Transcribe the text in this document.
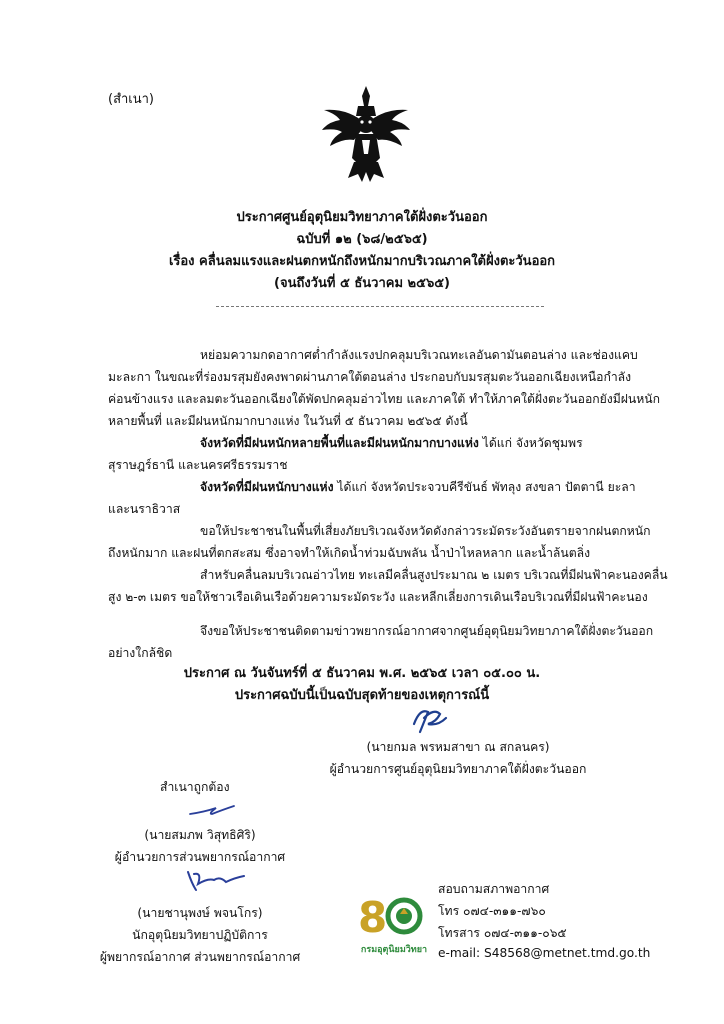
(สำเนา)
ประกาศศูนย์อุตุนิยมวิทยาภาคใต้ฝั่งตะวันออก
ฉบับที่ ๑๒ (๖๘/๒๕๖๕)
เรื่อง คลื่นลมแรงและฝนตกหนักถึงหนักมากบริเวณภาคใต้ฝั่งตะวันออก
(จนถึงวันที่ ๕ ธันวาคม ๒๕๖๕)
หย่อมความกดอากาศต่ำกำลังแรงปกคลุมบริเวณทะเลอันดามันตอนล่าง และช่องแคบ
มะละกา ในขณะที่ร่องมรสุมยังคงพาดผ่านภาคใต้ตอนล่าง ประกอบกับมรสุมตะวันออกเฉียงเหนือกำลัง
ค่อนข้างแรง และลมตะวันออกเฉียงใต้พัดปกคลุมอ่าวไทย และภาคใต้ ทำให้ภาคใต้ฝั่งตะวันออกยังมีฝนหนัก
หลายพื้นที่ และมีฝนหนักมากบางแห่ง ในวันที่ ๕ ธันวาคม ๒๕๖๕ ดังนี้
จังหวัดที่มีฝนหนักหลายพื้นที่และมีฝนหนักมากบางแห่ง ได้แก่ จังหวัดชุมพร
สุราษฎร์ธานี และนครศรีธรรมราช
จังหวัดที่มีฝนหนักบางแห่ง ได้แก่ จังหวัดประจวบคีรีขันธ์ พัทลุง สงขลา ปัตตานี ยะลา
และนราธิวาส
ขอให้ประชาชนในพื้นที่เสี่ยงภัยบริเวณจังหวัดดังกล่าวระมัดระวังอันตรายจากฝนตกหนัก
ถึงหนักมาก และฝนที่ตกสะสม ซึ่งอาจทำให้เกิดน้ำท่วมฉับพลัน น้ำป่าไหลหลาก และน้ำล้นตลิ่ง
สำหรับคลื่นลมบริเวณอ่าวไทย ทะเลมีคลื่นสูงประมาณ ๒ เมตร บริเวณที่มีฝนฟ้าคะนองคลื่น
สูง ๒-๓ เมตร ขอให้ชาวเรือเดินเรือด้วยความระมัดระวัง และหลีกเลี่ยงการเดินเรือบริเวณที่มีฝนฟ้าคะนอง
จึงขอให้ประชาชนติดตามข่าวพยากรณ์อากาศจากศูนย์อุตุนิยมวิทยาภาคใต้ฝั่งตะวันออก
อย่างใกล้ชิด
ประกาศ ณ วันจันทร์ที่ ๕ ธันวาคม พ.ศ. ๒๕๖๕ เวลา ๐๕.๐๐ น.
ประกาศฉบับนี้เป็นฉบับสุดท้ายของเหตุการณ์นี้
(นายกมล พรหมสาขา ณ สกลนคร)
ผู้อำนวยการศูนย์อุตุนิยมวิทยาภาคใต้ฝั่งตะวันออก
สำเนาถูกต้อง
(นายสมภพ วิสุทธิศิริ)
ผู้อำนวยการส่วนพยากรณ์อากาศ
(นายชานุพงษ์ พจนโกร)
นักอุตุนิยมวิทยาปฏิบัติการ
ผู้พยากรณ์อากาศ ส่วนพยากรณ์อากาศ
8
กรมอุตุนิยมวิทยา
สอบถามสภาพอากาศ
โทร ๐๗๔-๓๑๑-๗๖๐
โทรสาร ๐๗๔-๓๑๑-๐๖๕
e-mail: S48568@metnet.tmd.go.th
